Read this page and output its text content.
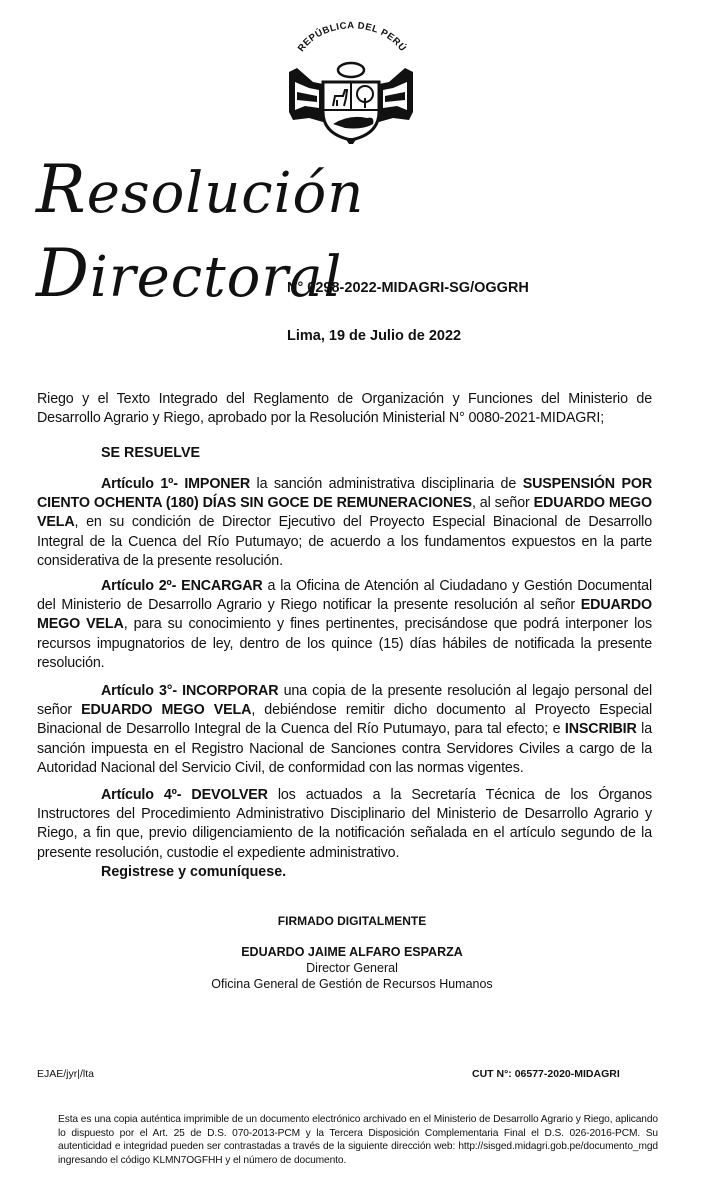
REPÚBLICA DEL PERÚ
Resolución Directoral
N° 0298-2022-MIDAGRI-SG/OGGRH
Lima, 19 de Julio de 2022
Riego y el Texto Integrado del Reglamento de Organización y Funciones del Ministerio de Desarrollo Agrario y Riego, aprobado por la Resolución Ministerial N° 0080-2021-MIDAGRI;
SE RESUELVE
Artículo 1º- IMPONER la sanción administrativa disciplinaria de SUSPENSIÓN POR CIENTO OCHENTA (180) DÍAS SIN GOCE DE REMUNERACIONES, al señor EDUARDO MEGO VELA, en su condición de Director Ejecutivo del Proyecto Especial Binacional de Desarrollo Integral de la Cuenca del Río Putumayo; de acuerdo a los fundamentos expuestos en la parte considerativa de la presente resolución.
Artículo 2º- ENCARGAR a la Oficina de Atención al Ciudadano y Gestión Documental del Ministerio de Desarrollo Agrario y Riego notificar la presente resolución al señor EDUARDO MEGO VELA, para su conocimiento y fines pertinentes, precisándose que podrá interponer los recursos impugnatorios de ley, dentro de los quince (15) días hábiles de notificada la presente resolución.
Artículo 3°- INCORPORAR una copia de la presente resolución al legajo personal del señor EDUARDO MEGO VELA, debiéndose remitir dicho documento al Proyecto Especial Binacional de Desarrollo Integral de la Cuenca del Río Putumayo, para tal efecto; e INSCRIBIR la sanción impuesta en el Registro Nacional de Sanciones contra Servidores Civiles a cargo de la Autoridad Nacional del Servicio Civil, de conformidad con las normas vigentes.
Artículo 4º- DEVOLVER los actuados a la Secretaría Técnica de los Órganos Instructores del Procedimiento Administrativo Disciplinario del Ministerio de Desarrollo Agrario y Riego, a fin que, previo diligenciamiento de la notificación señalada en el artículo segundo de la presente resolución, custodie el expediente administrativo.
Registrese y comuníquese.
FIRMADO DIGITALMENTE
EDUARDO JAIME ALFARO ESPARZA
Director General
Oficina General de Gestión de Recursos Humanos
EJAE/jyr|/lta	CUT N°: 06577-2020-MIDAGRI
Esta es una copia auténtica imprimible de un documento electrónico archivado en el Ministerio de Desarrollo Agrario y Riego, aplicando lo dispuesto por el Art. 25 de D.S. 070-2013-PCM y la Tercera Disposición Complementaria Final el D.S. 026-2016-PCM. Su autenticidad e integridad pueden ser contrastadas a través de la siguiente dirección web: http://sisged.midagri.gob.pe/documento_mgd ingresando el código KLMN7OGFHH y el número de documento.
